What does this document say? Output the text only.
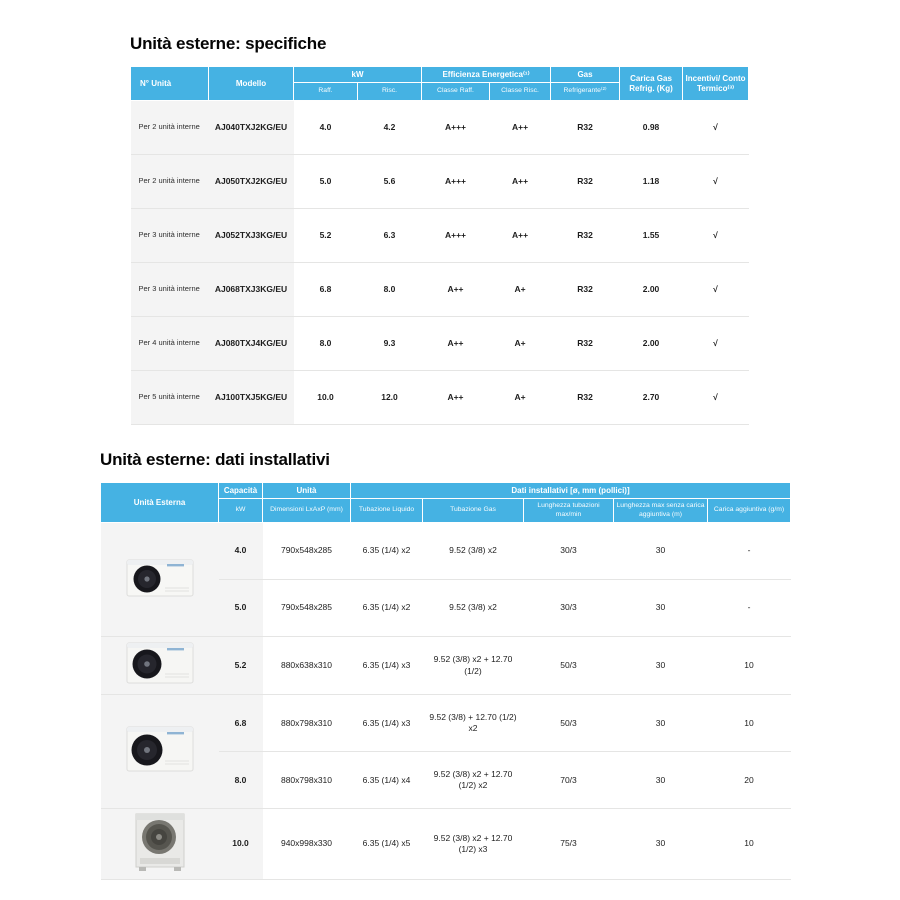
Unità esterne: specifiche
N° Unità	Modello	kW		Efficienza Energetica⁽¹⁾		Gas	Carica Gas Refrig. (Kg)	Incentivi/ Conto Termico⁽³⁾
		Raff.	Risc.	Classe Raff.	Classe Risc.	Refrigerante⁽²⁾		
Per 2 unità interne	AJ040TXJ2KG/EU	4.0	4.2	A+++	A++	R32	0.98	√
Per 2 unità interne	AJ050TXJ2KG/EU	5.0	5.6	A+++	A++	R32	1.18	√
Per 3 unità interne	AJ052TXJ3KG/EU	5.2	6.3	A+++	A++	R32	1.55	√
Per 3 unità interne	AJ068TXJ3KG/EU	6.8	8.0	A++	A+	R32	2.00	√
Per 4 unità interne	AJ080TXJ4KG/EU	8.0	9.3	A++	A+	R32	2.00	√
Per 5 unità interne	AJ100TXJ5KG/EU	10.0	12.0	A++	A+	R32	2.70	√
Unità esterne: dati installativi
Unità Esterna	Capacità	Unità	Dati installativi [ø, mm (pollici)]				
	kW	Dimensioni LxAxP (mm)	Tubazione Liquido	Tubazione Gas	Lunghezza tubazioni max/min	Lunghezza max senza carica aggiuntiva (m)	Carica aggiuntiva (g/m)
	4.0	790x548x285	6.35 (1/4) x2	9.52 (3/8) x2	30/3	30	-
	5.0	790x548x285	6.35 (1/4) x2	9.52 (3/8) x2	30/3	30	-
	5.2	880x638x310	6.35 (1/4) x3	9.52 (3/8) x2 + 12.70 (1/2)	50/3	30	10
	6.8	880x798x310	6.35 (1/4) x3	9.52 (3/8) + 12.70 (1/2) x2	50/3	30	10
	8.0	880x798x310	6.35 (1/4) x4	9.52 (3/8) x2 + 12.70 (1/2) x2	70/3	30	20
	10.0	940x998x330	6.35 (1/4) x5	9.52 (3/8) x2 + 12.70 (1/2) x3	75/3	30	10
